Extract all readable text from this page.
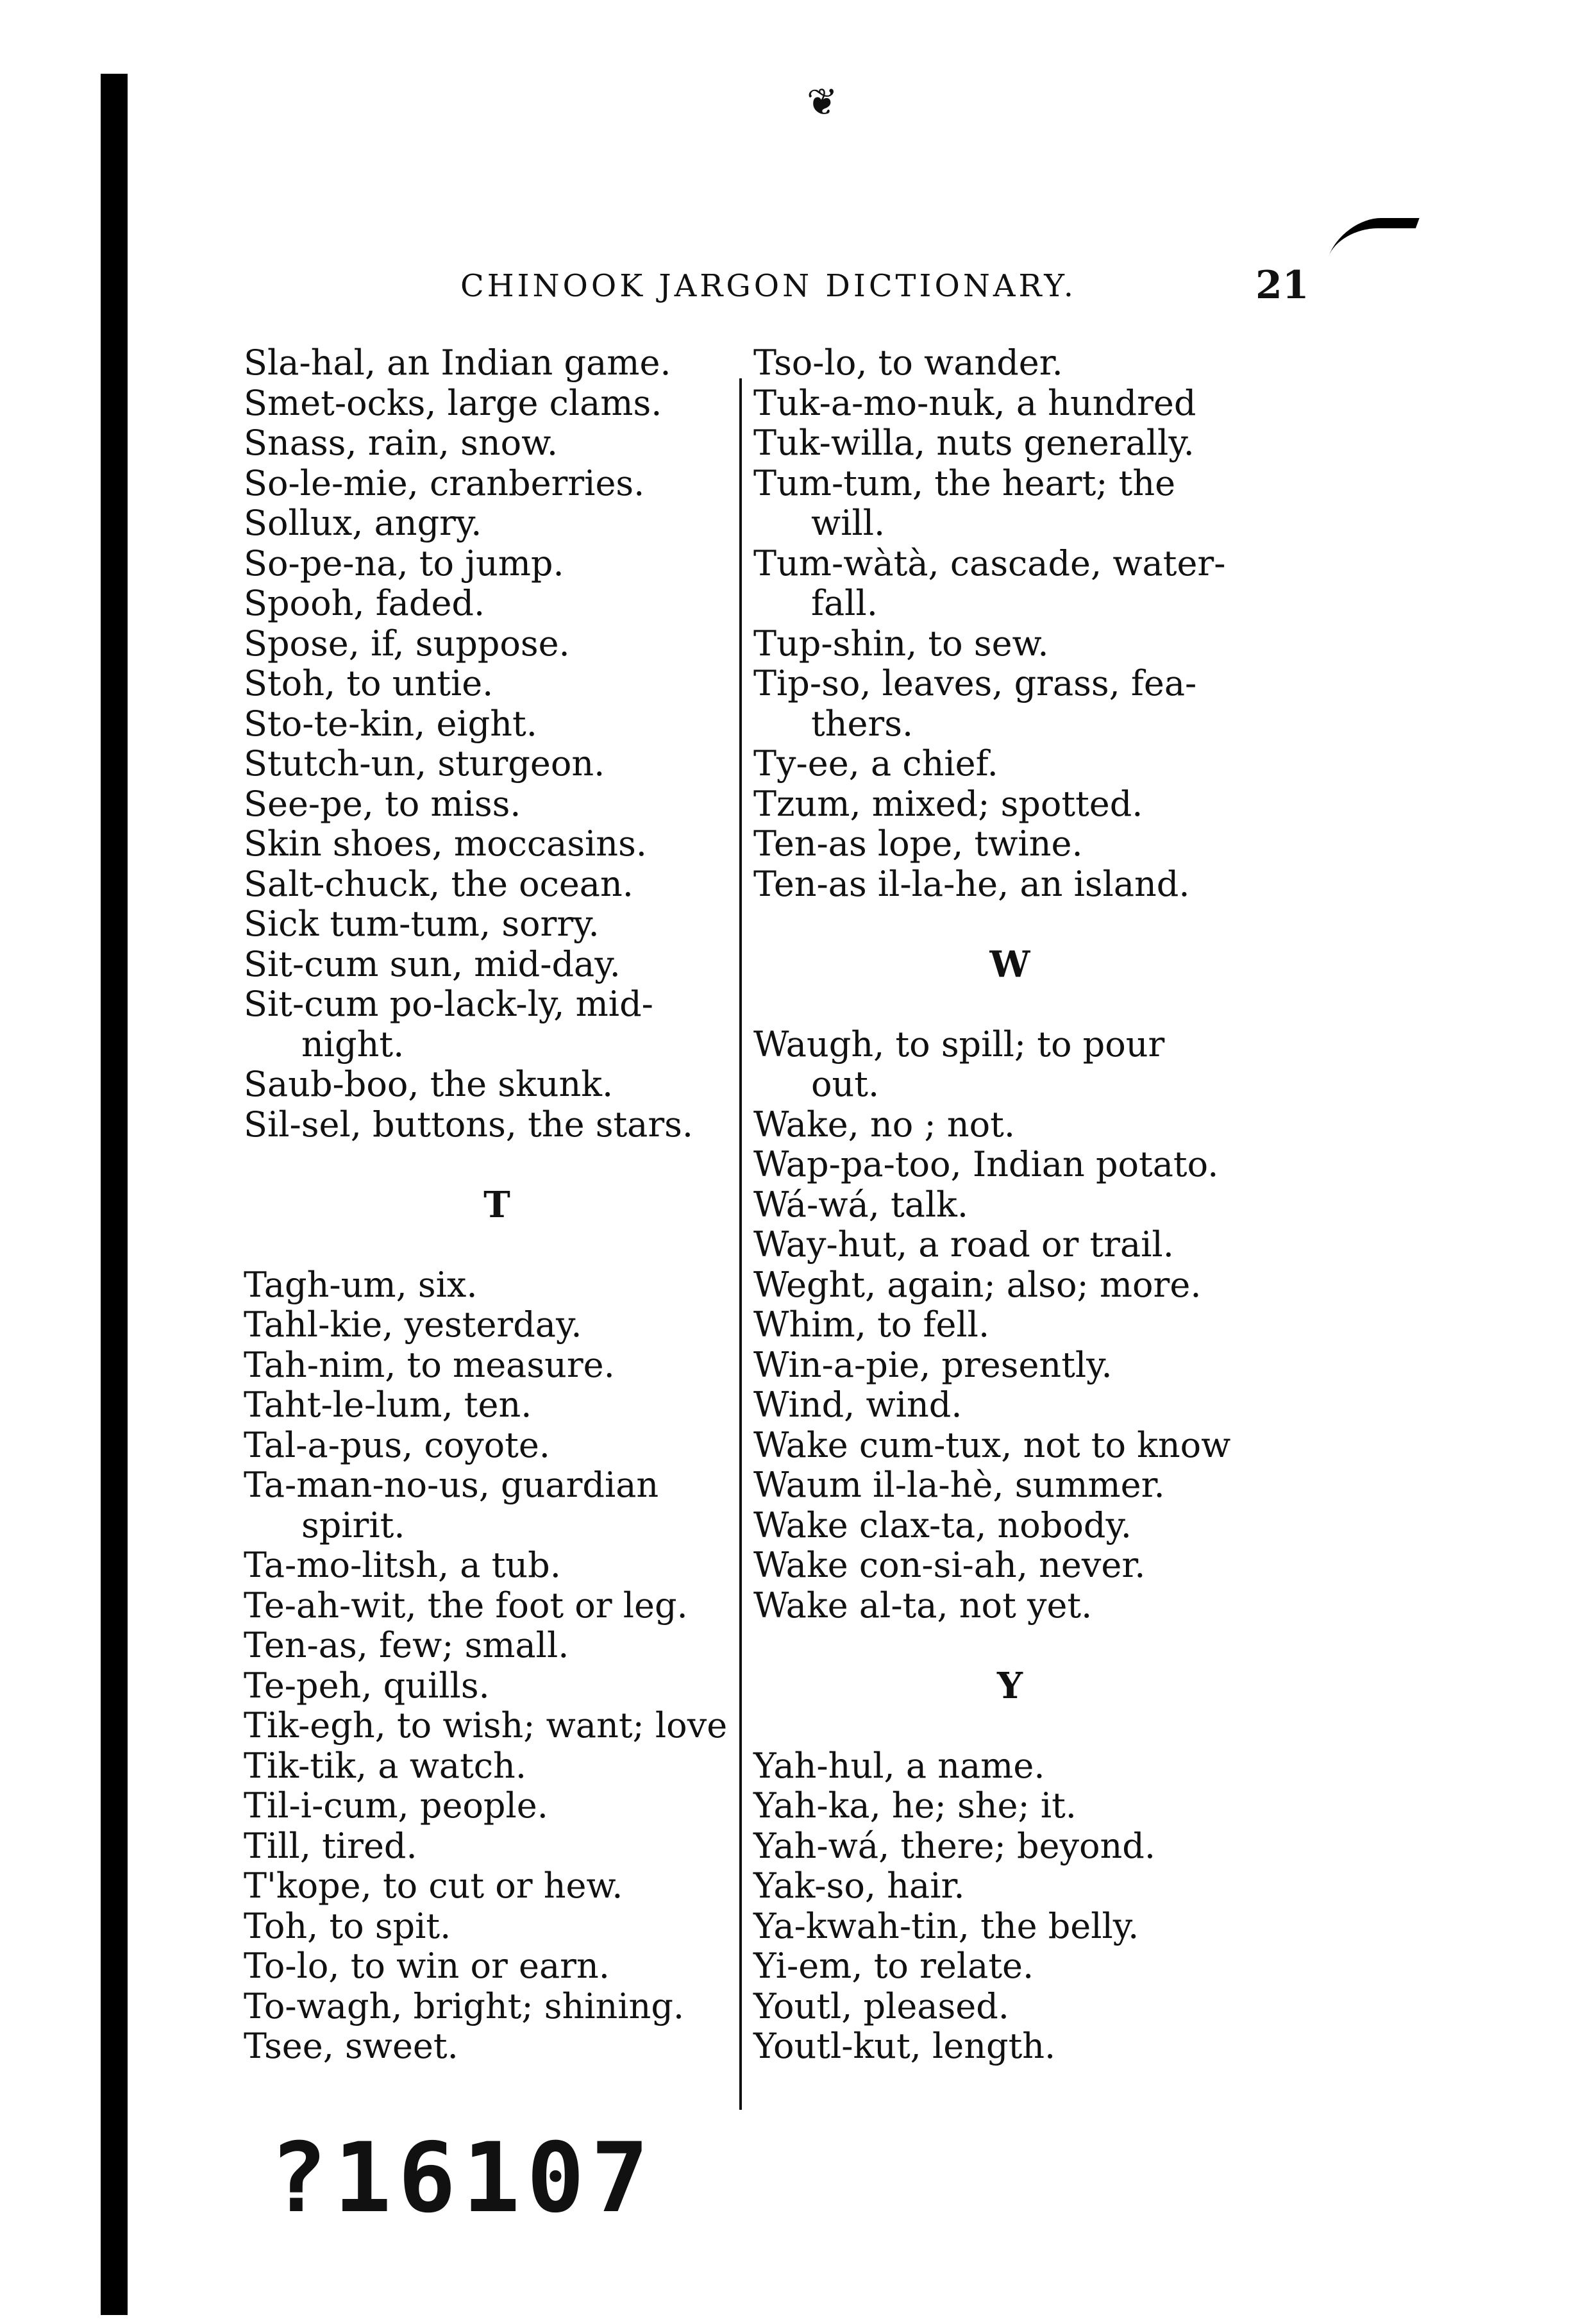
❦
CHINOOK JARGON DICTIONARY.	21
Sla-hal, an Indian game.
Smet-ocks, large clams.
Snass, rain, snow.
So-le-mie, cranberries.
Sollux, angry.
So-pe-na, to jump.
Spooh, faded.
Spose, if, suppose.
Stoh, to untie.
Sto-te-kin, eight.
Stutch-un, sturgeon.
See-pe, to miss.
Skin shoes, moccasins.
Salt-chuck, the ocean.
Sick tum-tum, sorry.
Sit-cum sun, mid-day.
Sit-cum po-lack-ly, mid-
night.
Saub-boo, the skunk.
Sil-sel, buttons, the stars.
T
Tagh-um, six.
Tahl-kie, yesterday.
Tah-nim, to measure.
Taht-le-lum, ten.
Tal-a-pus, coyote.
Ta-man-no-us, guardian
spirit.
Ta-mo-litsh, a tub.
Te-ah-wit, the foot or leg.
Ten-as, few; small.
Te-peh, quills.
Tik-egh, to wish; want; love
Tik-tik, a watch.
Til-i-cum, people.
Till, tired.
T'kope, to cut or hew.
Toh, to spit.
To-lo, to win or earn.
To-wagh, bright; shining.
Tsee, sweet.
Tso-lo, to wander.
Tuk-a-mo-nuk, a hundred
Tuk-willa, nuts generally.
Tum-tum, the heart; the
will.
Tum-wàtà, cascade, water-
fall.
Tup-shin, to sew.
Tip-so, leaves, grass, fea-
thers.
Ty-ee, a chief.
Tzum, mixed; spotted.
Ten-as lope, twine.
Ten-as il-la-he, an island.
W
Waugh, to spill; to pour
out.
Wake, no ; not.
Wap-pa-too, Indian potato.
Wá-wá, talk.
Way-hut, a road or trail.
Weght, again; also; more.
Whim, to fell.
Win-a-pie, presently.
Wind, wind.
Wake cum-tux, not to know
Waum il-la-hè, summer.
Wake clax-ta, nobody.
Wake con-si-ah, never.
Wake al-ta, not yet.
Y
Yah-hul, a name.
Yah-ka, he; she; it.
Yah-wá, there; beyond.
Yak-so, hair.
Ya-kwah-tin, the belly.
Yi-em, to relate.
Youtl, pleased.
Youtl-kut, length.
?16107
